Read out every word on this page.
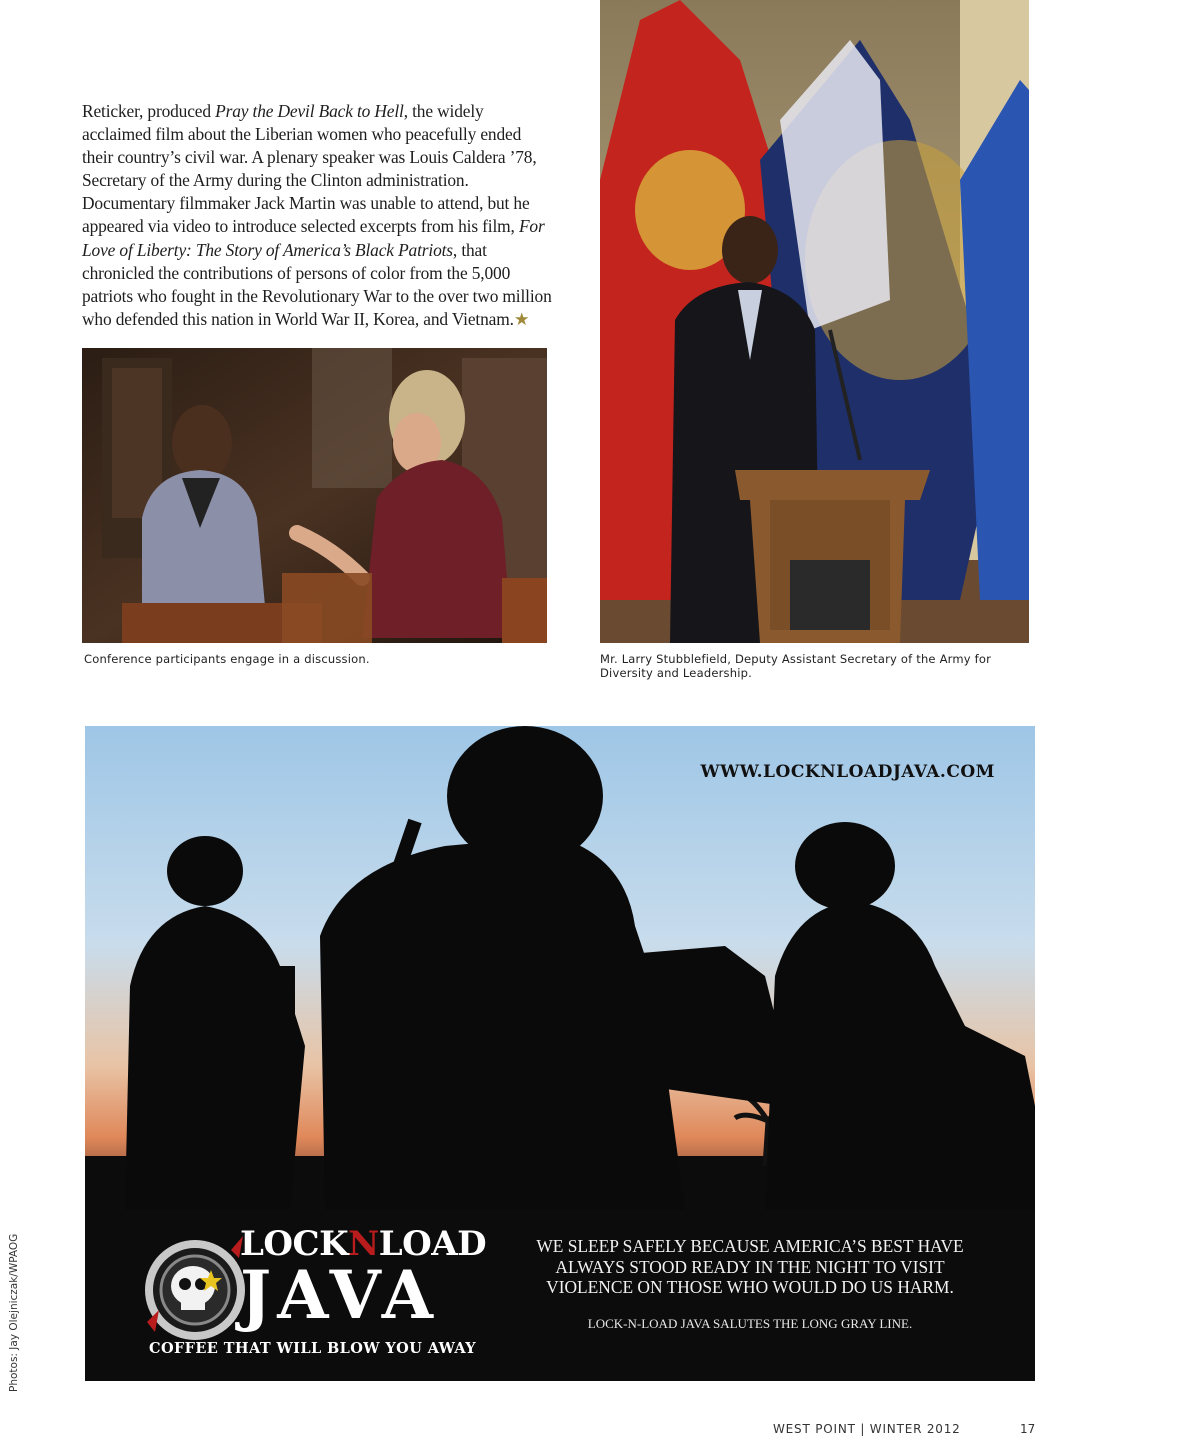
Reticker, produced Pray the Devil Back to Hell, the widely acclaimed film about the Liberian women who peacefully ended their country’s civil war. A plenary speaker was Louis Caldera ’78, Secretary of the Army during the Clinton administration. Documentary filmmaker Jack Martin was unable to attend, but he appeared via video to introduce selected excerpts from his film, For Love of Liberty: The Story of America’s Black Patriots, that chronicled the contributions of persons of color from the 5,000 patriots who fought in the Revolutionary War to the over two million who defended this nation in World War II, Korea, and Vietnam.★
Conference participants engage in a discussion.	Mr. Larry Stubblefield, Deputy Assistant Secretary of the Army for Diversity and Leadership.
WWW.LOCKNLOADJAVA.COM
LOCKNLOAD
JAVA
COFFEE THAT WILL BLOW YOU AWAY
WE SLEEP SAFELY BECAUSE AMERICA’S BEST HAVE ALWAYS STOOD READY IN THE NIGHT TO VISIT VIOLENCE ON THOSE WHO WOULD DO US HARM.
LOCK-N-LOAD JAVA SALUTES THE LONG GRAY LINE.
Photos: Jay Olejniczak/WPAOG
WEST POINT | WINTER 2012	17
